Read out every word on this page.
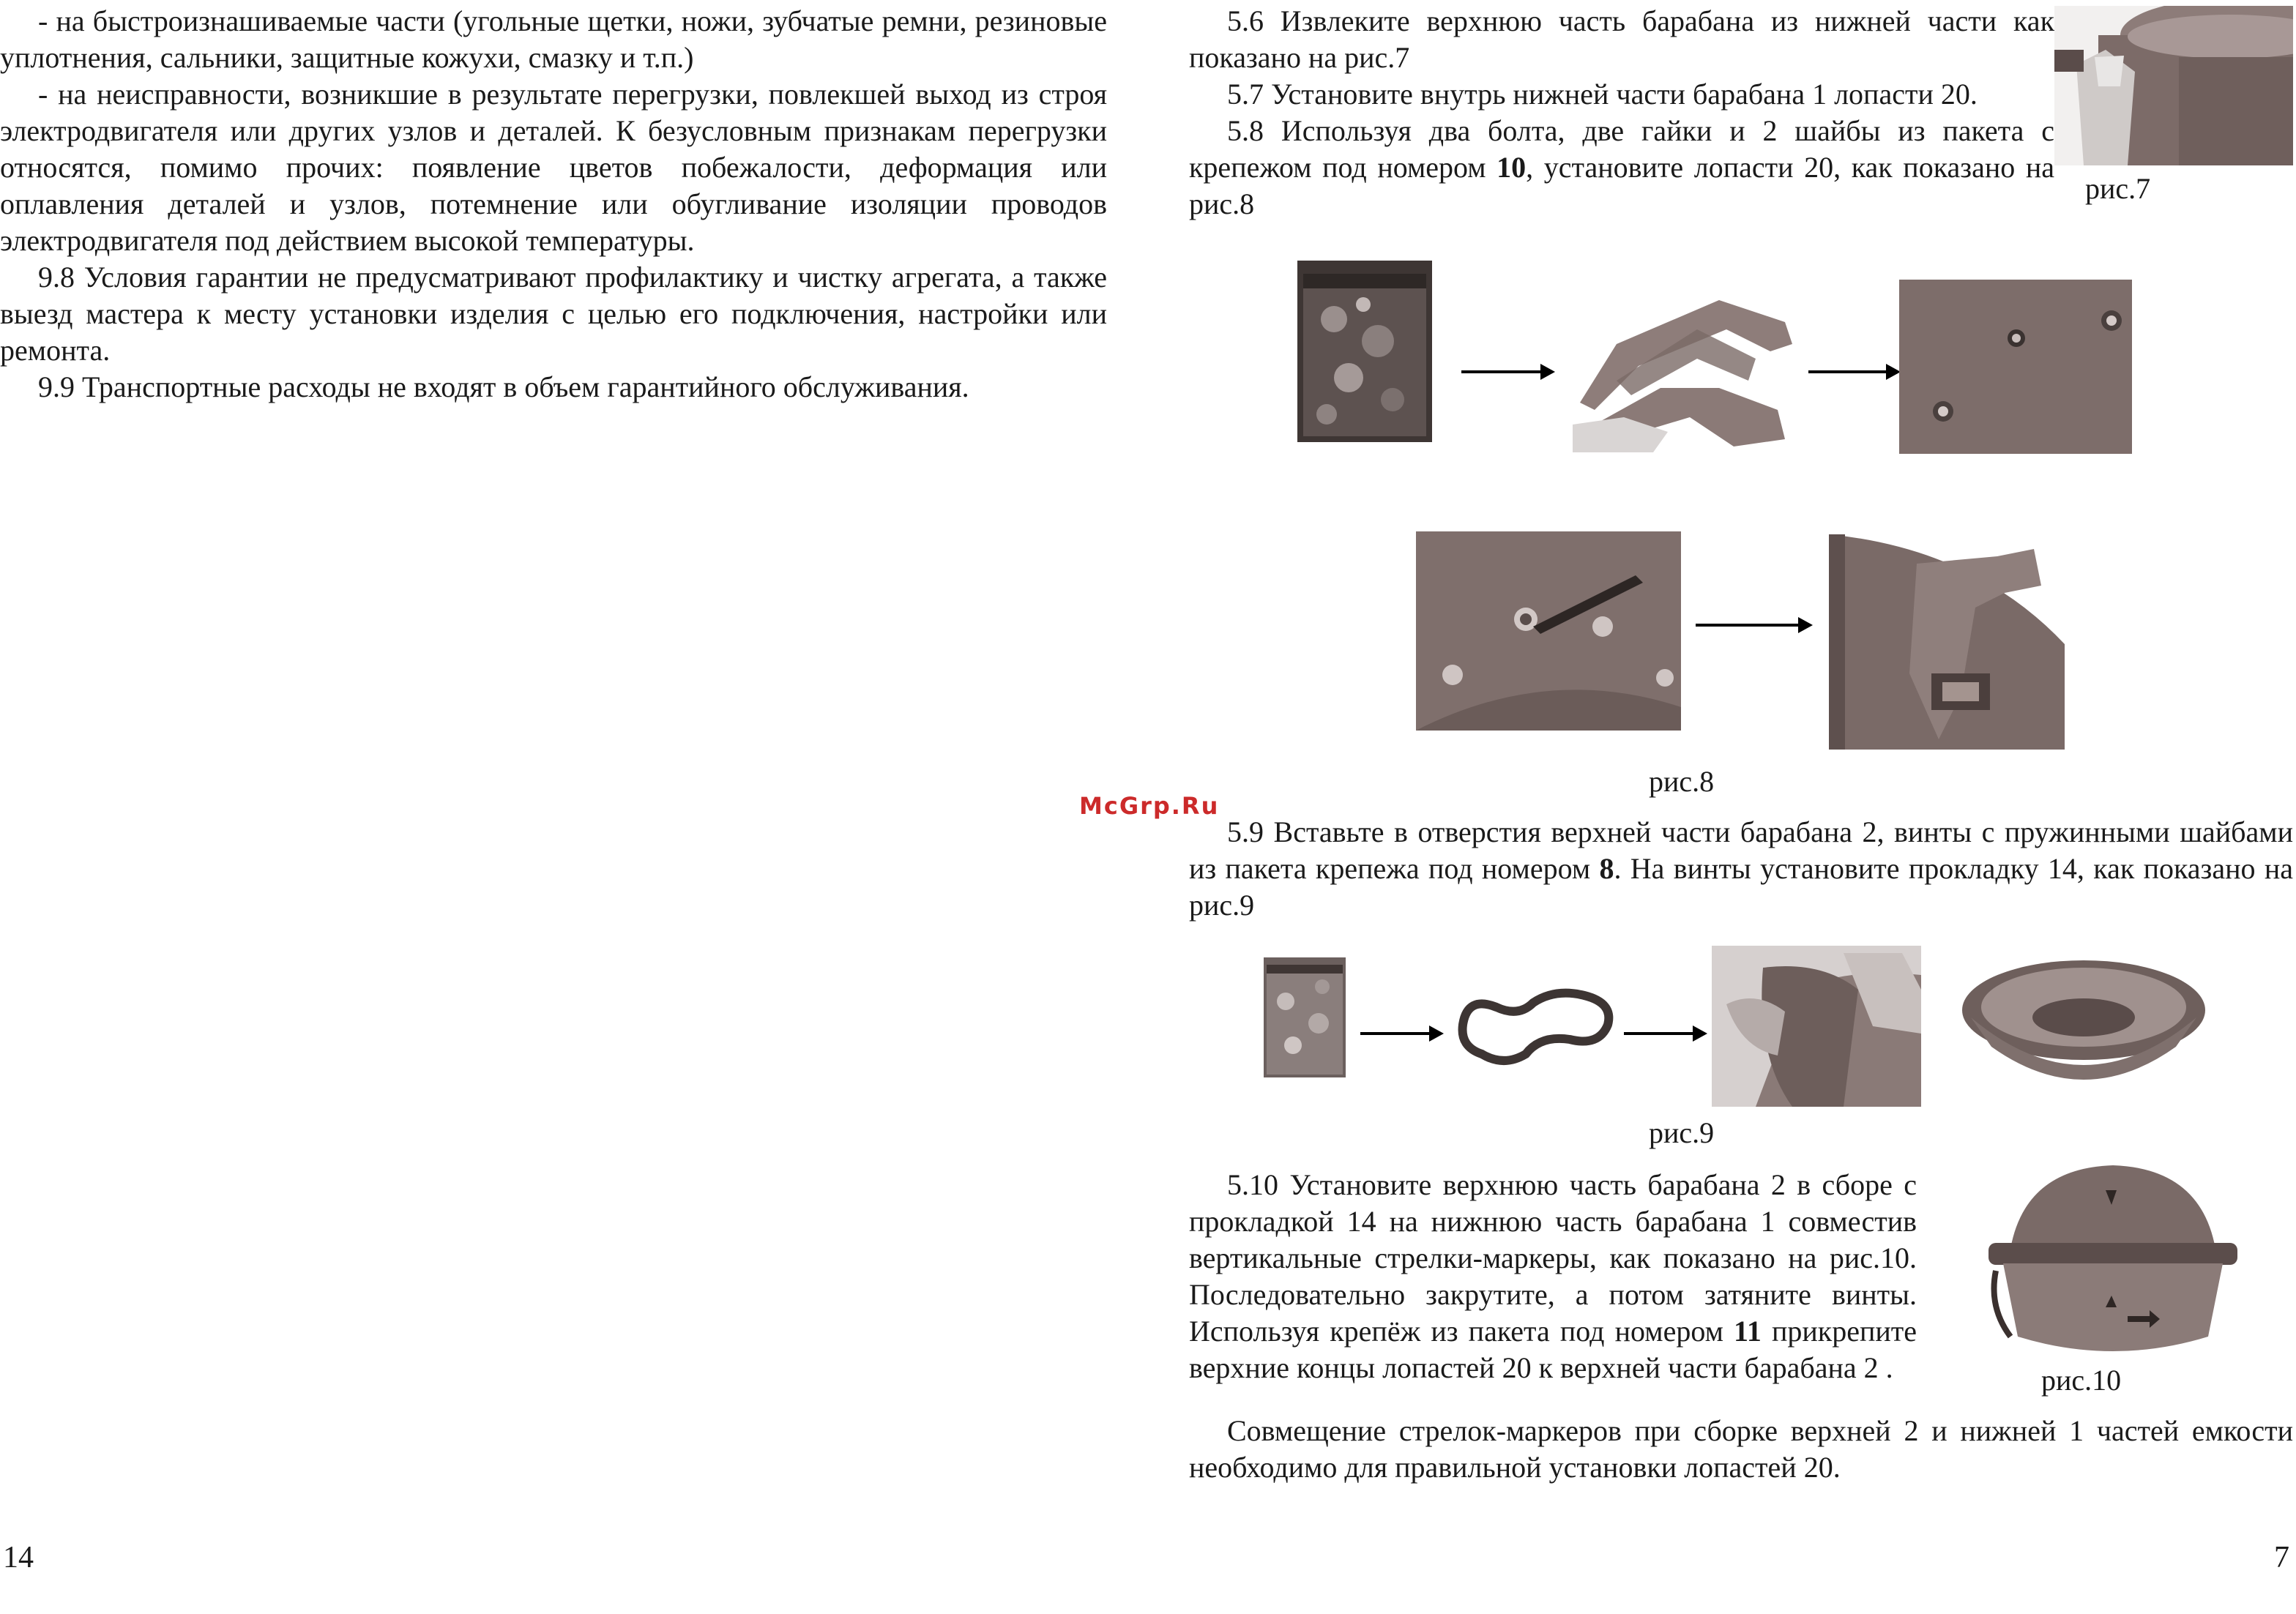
- на быстроизнашиваемые части (угольные щетки, ножи, зубчатые ремни, резиновые уплотнения, сальники, защитные кожухи, смазку и т.п.)

- на неисправности, возникшие в результате перегрузки, повлекшей выход из строя электродвигателя или других узлов и деталей. К безусловным признакам перегрузки относятся, помимо прочих: появление цветов побежалости, деформация или оплавления деталей и узлов, потемнение или обугливание изоляции проводов электродвигателя под действием высокой температуры.

9.8 Условия гарантии не предусматривают профилактику и чистку агрегата, а также выезд мастера к месту установки изделия с целью его подключения, настройки или ремонта.

9.9 Транспортные расходы не входят в объем гарантийного обслуживания.

14
McGrp.Ru

5.6 Извлеките верхнюю часть барабана из нижней части как показано на рис.7

5.7 Установите внутрь нижней части барабана 1 лопасти 20.

5.8 Используя два болта, две гайки и 2 шайбы из пакета с крепежом под номером 10, установите лопасти 20, как показано на рис.8	рис.7
рис.8

5.9 Вставьте в отверстия верхней части барабана 2, винты с пружинными шайбами из пакета крепежа под номером 8. На винты установите прокладку 14, как показано на рис.9

рис.9

5.10 Установите верхнюю часть барабана 2 в сборе с прокладкой 14 на нижнюю часть барабана 1 совместив вертикальные стрелки-маркеры, как показано на рис.10. Последовательно закрутите, а потом затяните винты. Используя крепёж из пакета под номером 11 прикрепите верхние концы лопастей 20 к верхней части барабана 2 .	рис.10

Совмещение стрелок-маркеров при сборке верхней 2 и нижней 1 частей емкости необходимо для правильной установки лопастей 20.

7
